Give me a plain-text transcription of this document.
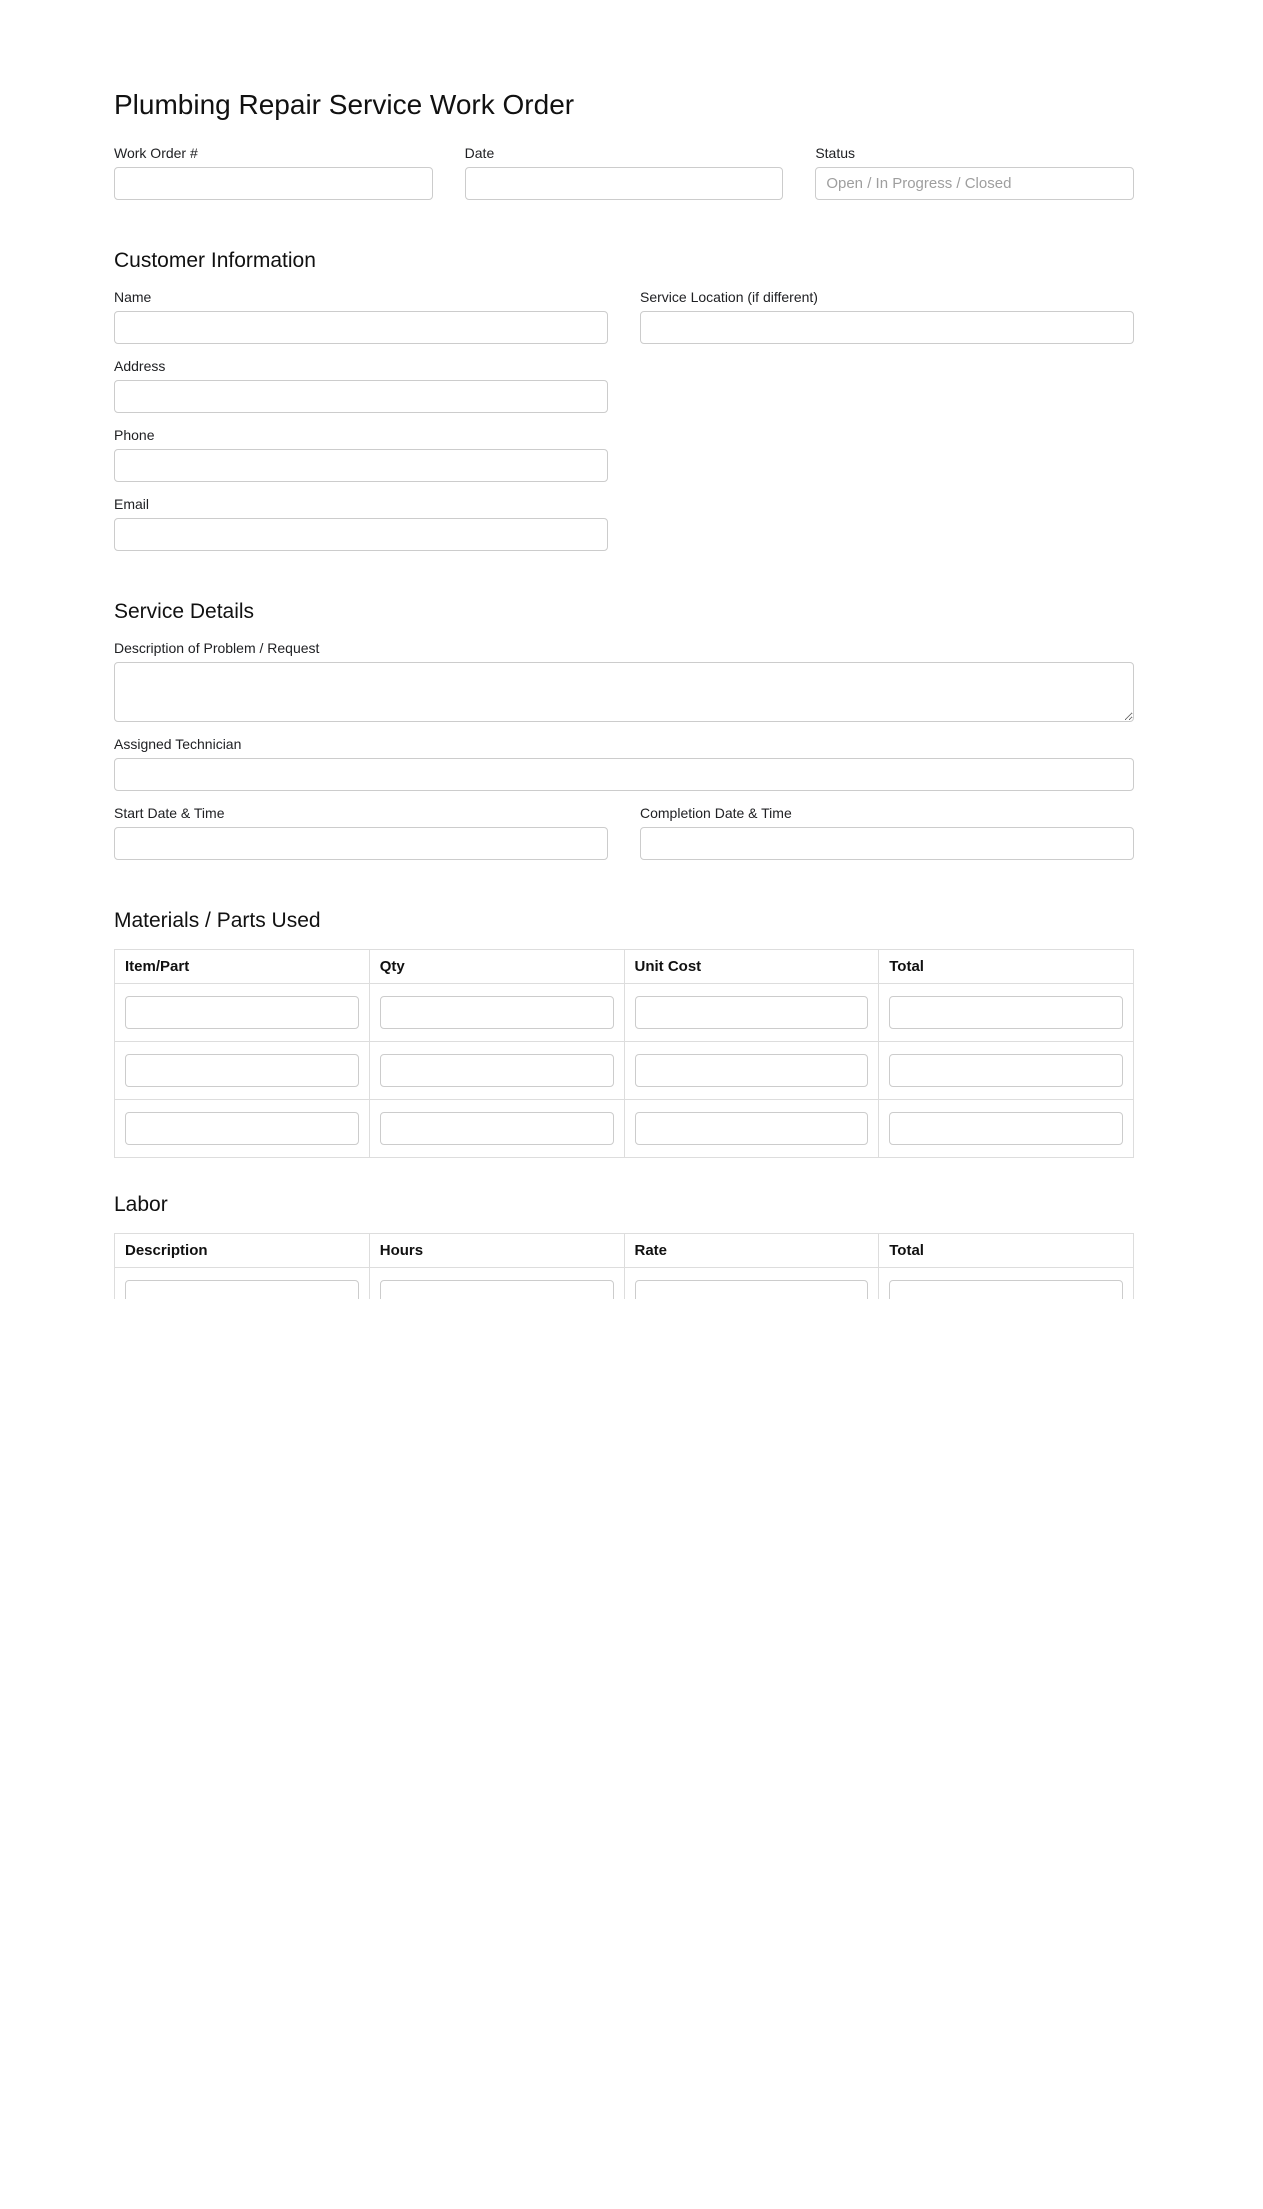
Plumbing Repair Service Work Order
Work Order #	Date	Status
Open / In Progress / Closed
Customer Information
Name
Address
Phone
Email
Service Location (if different)
Service Details
Description of Problem / Request
Assigned Technician
Start Date & Time	Completion Date & Time
Materials / Parts Used
Item/Part	Qty	Unit Cost	Total

Labor
Description	Hours	Rate	Total
